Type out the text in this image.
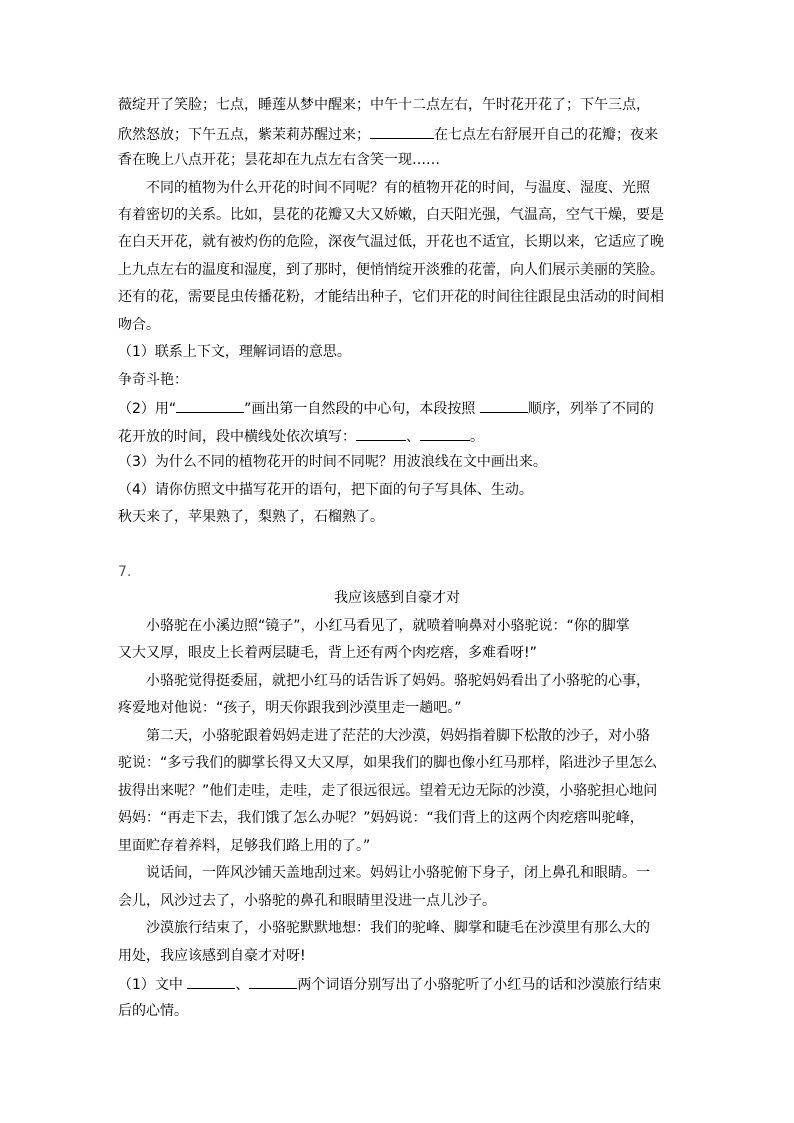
薇绽开了笑脸；七点，睡莲从梦中醒来；中午十二点左右，午时花开花了；下午三点，
欣然怒放；下午五点，紫茉莉苏醒过来；	在七点左右舒展开自己的花瓣；夜来
香在晚上八点开花；昙花却在九点左右含笑一现……
不同的植物为什么开花的时间不同呢？有的植物开花的时间，与温度、湿度、光照
有着密切的关系。比如，昙花的花瓣又大又娇嫩，白天阳光强，气温高，空气干燥，要是
在白天开花，就有被灼伤的危险，深夜气温过低，开花也不适宜，长期以来，它适应了晚
上九点左右的温度和湿度，到了那时，便悄悄绽开淡雅的花蕾，向人们展示美丽的笑脸。
还有的花，需要昆虫传播花粉，才能结出种子，它们开花的时间往往跟昆虫活动的时间相
吻合。
（1）联系上下文，理解词语的意思。
争奇斗艳：
（2）用“	”画出第一自然段的中心句，本段按照	顺序，列举了不同的
花开放的时间，段中横线处依次填写：	、	。
（3）为什么不同的植物花开的时间不同呢？用波浪线在文中画出来。
（4）请你仿照文中描写花开的语句，把下面的句子写具体、生动。
秋天来了，苹果熟了，梨熟了，石榴熟了。
7.
我应该感到自豪才对
小骆驼在小溪边照“镜子”，小红马看见了，就喷着响鼻对小骆驼说：“你的脚掌
又大又厚，眼皮上长着两层睫毛，背上还有两个肉疙瘩，多难看呀!”
小骆驼觉得挺委屈，就把小红马的话告诉了妈妈。骆驼妈妈看出了小骆驼的心事，
疼爱地对他说：“孩子，明天你跟我到沙漠里走一趟吧。”
第二天，小骆驼跟着妈妈走进了茫茫的大沙漠，妈妈指着脚下松散的沙子，对小骆
驼说：“多亏我们的脚掌长得又大又厚，如果我们的脚也像小红马那样，陷进沙子里怎么
拔得出来呢？”他们走哇，走哇，走了很远很远。望着无边无际的沙漠，小骆驼担心地问
妈妈：“再走下去，我们饿了怎么办呢？”妈妈说：“我们背上的这两个肉疙瘩叫驼峰，
里面贮存着养料，足够我们路上用的了。”
说话间，一阵风沙铺天盖地刮过来。妈妈让小骆驼俯下身子，闭上鼻孔和眼睛。一
会儿，风沙过去了，小骆驼的鼻孔和眼睛里没进一点儿沙子。
沙漠旅行结束了，小骆驼默默地想：我们的驼峰、脚掌和睫毛在沙漠里有那么大的
用处，我应该感到自豪才对呀!
（1）文中	、	两个词语分别写出了小骆驼听了小红马的话和沙漠旅行结束
后的心情。
